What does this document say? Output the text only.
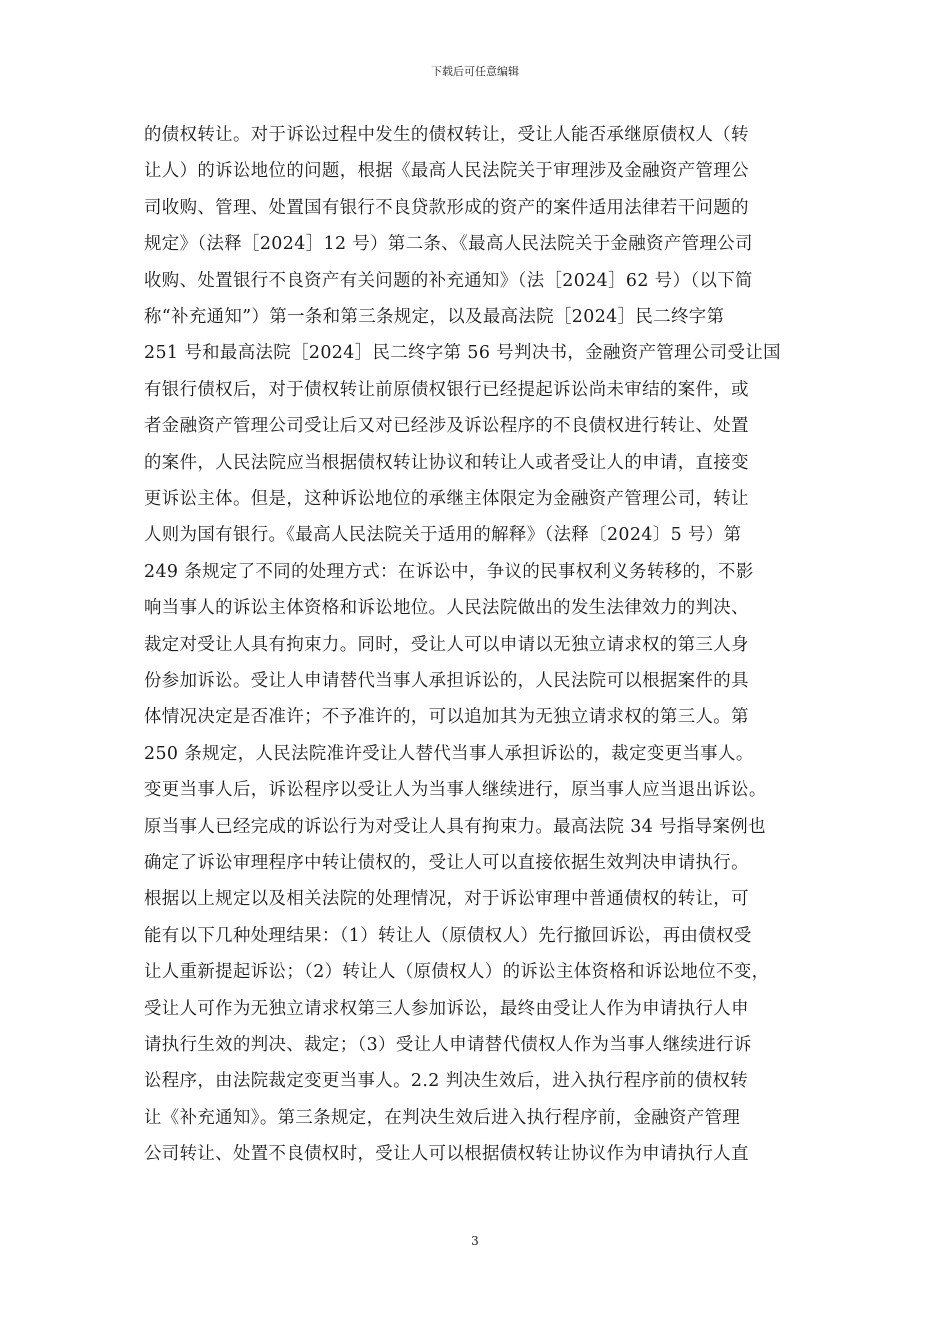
下载后可任意编辑
的债权转让。对于诉讼过程中发生的债权转让，受让人能否承继原债权人（转
让人）的诉讼地位的问题，根据《最高人民法院关于审理涉及金融资产管理公
司收购、管理、处置国有银行不良贷款形成的资产的案件适用法律若干问题的
规定》（法释［2024］12 号）第二条、《最高人民法院关于金融资产管理公司
收购、处置银行不良资产有关问题的补充通知》（法［2024］62 号）（以下简
称“补充通知”）第一条和第三条规定，以及最高法院［2024］民二终字第
251 号和最高法院［2024］民二终字第 56 号判决书，金融资产管理公司受让国
有银行债权后，对于债权转让前原债权银行已经提起诉讼尚未审结的案件，或
者金融资产管理公司受让后又对已经涉及诉讼程序的不良债权进行转让、处置
的案件，人民法院应当根据债权转让协议和转让人或者受让人的申请，直接变
更诉讼主体。但是，这种诉讼地位的承继主体限定为金融资产管理公司，转让
人则为国有银行。《最高人民法院关于适用的解释》（法释〔2024〕5 号）第
249 条规定了不同的处理方式：在诉讼中，争议的民事权利义务转移的，不影
响当事人的诉讼主体资格和诉讼地位。人民法院做出的发生法律效力的判决、
裁定对受让人具有拘束力。同时，受让人可以申请以无独立请求权的第三人身
份参加诉讼。受让人申请替代当事人承担诉讼的，人民法院可以根据案件的具
体情况决定是否准许；不予准许的，可以追加其为无独立请求权的第三人。第
250 条规定，人民法院准许受让人替代当事人承担诉讼的，裁定变更当事人。
变更当事人后，诉讼程序以受让人为当事人继续进行，原当事人应当退出诉讼。
原当事人已经完成的诉讼行为对受让人具有拘束力。最高法院 34 号指导案例也
确定了诉讼审理程序中转让债权的，受让人可以直接依据生效判决申请执行。
根据以上规定以及相关法院的处理情况，对于诉讼审理中普通债权的转让，可
能有以下几种处理结果：（1）转让人（原债权人）先行撤回诉讼，再由债权受
让人重新提起诉讼；（2）转让人（原债权人）的诉讼主体资格和诉讼地位不变，
受让人可作为无独立请求权第三人参加诉讼，最终由受让人作为申请执行人申
请执行生效的判决、裁定；（3）受让人申请替代债权人作为当事人继续进行诉
讼程序，由法院裁定变更当事人。2.2 判决生效后，进入执行程序前的债权转
让《补充通知》。第三条规定，在判决生效后进入执行程序前，金融资产管理
公司转让、处置不良债权时，受让人可以根据债权转让协议作为申请执行人直
3
